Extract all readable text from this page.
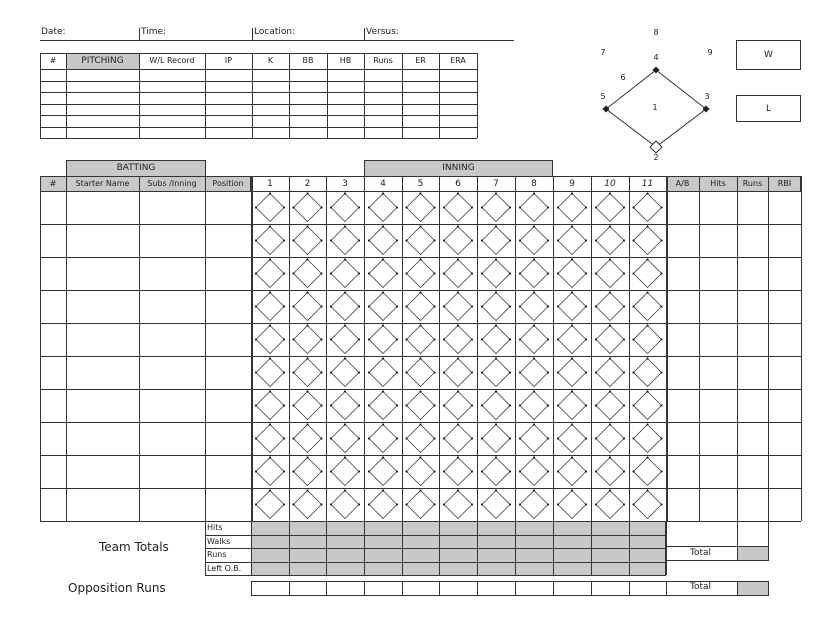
Date:	Time:	Location:	Versus:
#	PITCHING	W/L Record	IP	K	BB	HB	Runs	ER	ERA
8
7	9
4
6
5
1
3
2
W
L
BATTING	INNING
#	Starter Name	Subs /Inning	Position	1	2	3	4	5	6	7	8	9	10	11	A/B	Hits	Runs	RBI
Hits
Walks
Runs
Left O.B.
Team Totals	Total
Opposition Runs	Total
